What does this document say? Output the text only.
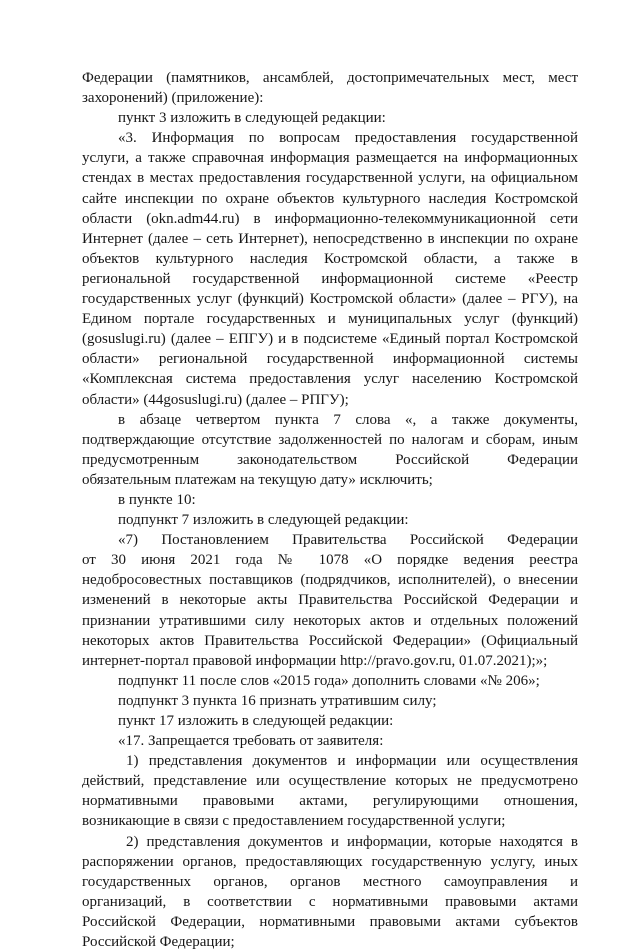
Федерации (памятников, ансамблей, достопримечательных мест, мест
захоронений) (приложение):
пункт 3 изложить в следующей редакции:
«3. Информация по вопросам предоставления государственной
услуги, а также справочная информация размещается на информационных
стендах в местах предоставления государственной услуги, на официальном
сайте инспекции по охране объектов культурного наследия Костромской
области (okn.adm44.ru) в информационно-телекоммуникационной сети
Интернет (далее – сеть Интернет), непосредственно в инспекции по охране
объектов культурного наследия Костромской области, а также в
региональной государственной информационной системе «Реестр
государственных услуг (функций) Костромской области» (далее – РГУ), на
Едином портале государственных и муниципальных услуг (функций)
(gosuslugi.ru) (далее – ЕПГУ) и в подсистеме «Единый портал Костромской
области» региональной государственной информационной системы
«Комплексная система предоставления услуг населению Костромской
области» (44gosuslugi.ru) (далее – РПГУ);
в абзаце четвертом пункта 7 слова «, а также документы,
подтверждающие отсутствие задолженностей по налогам и сборам, иным
предусмотренным законодательством Российской Федерации
обязательным платежам на текущую дату» исключить;
в пункте 10:
подпункт 7 изложить в следующей редакции:
«7) Постановлением Правительства Российской Федерации
от 30 июня 2021 года № 1078 «О порядке ведения реестра
недобросовестных поставщиков (подрядчиков, исполнителей), о внесении
изменений в некоторые акты Правительства Российской Федерации и
признании утратившими силу некоторых актов и отдельных положений
некоторых актов Правительства Российской Федерации» (Официальный
интернет-портал правовой информации http://pravo.gov.ru, 01.07.2021);»;
подпункт 11 после слов «2015 года» дополнить словами «№ 206»;
подпункт 3 пункта 16 признать утратившим силу;
пункт 17 изложить в следующей редакции:
«17. Запрещается требовать от заявителя:
1) представления документов и информации или осуществления
действий, представление или осуществление которых не предусмотрено
нормативными правовыми актами, регулирующими отношения,
возникающие в связи с предоставлением государственной услуги;
2) представления документов и информации, которые находятся в
распоряжении органов, предоставляющих государственную услугу, иных
государственных органов, органов местного самоуправления и
организаций, в соответствии с нормативными правовыми актами
Российской Федерации, нормативными правовыми актами субъектов
Российской Федерации;
